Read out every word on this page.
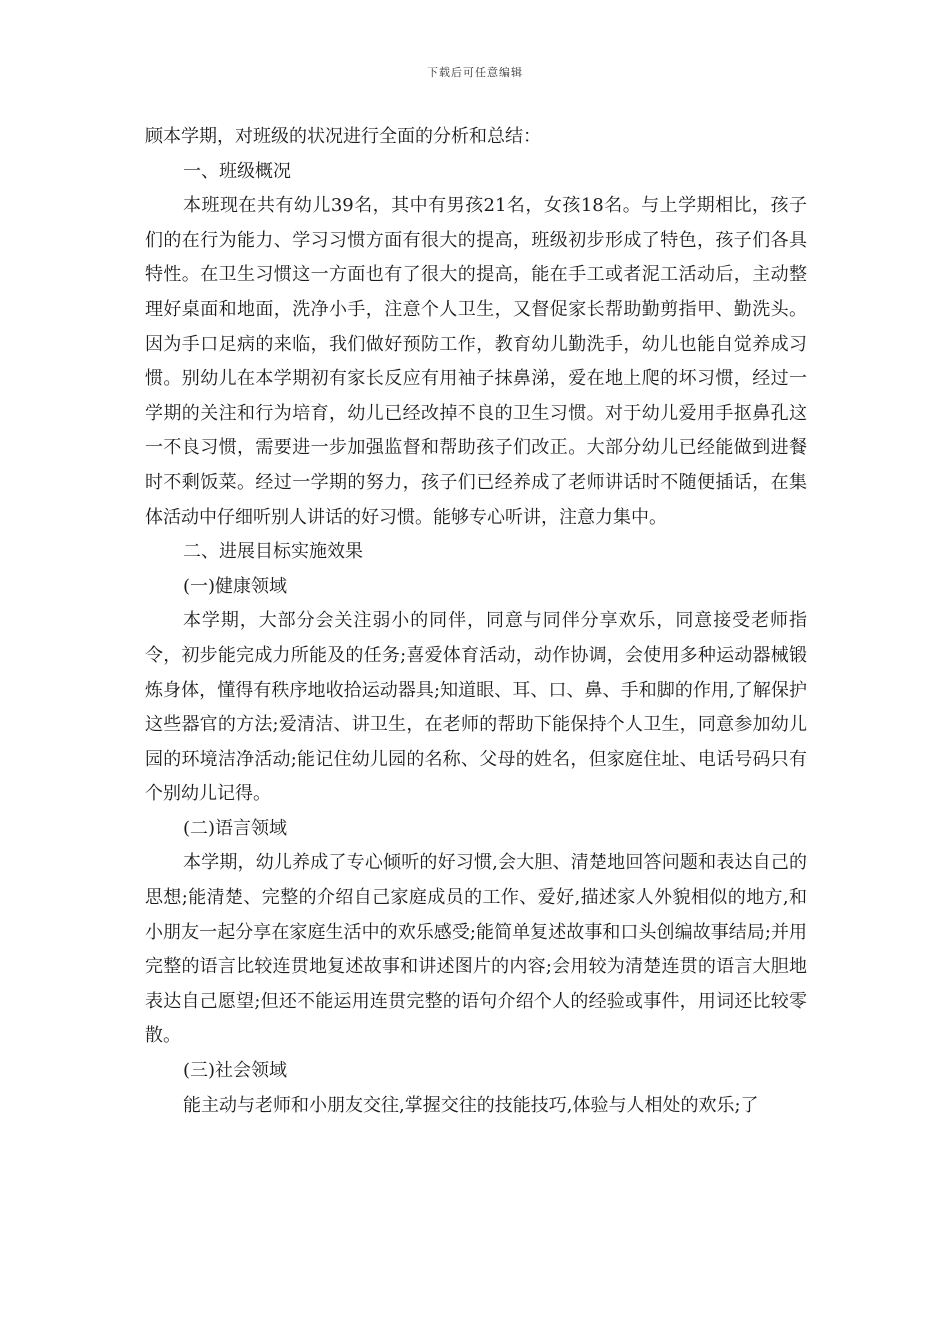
下载后可任意编辑

顾本学期，对班级的状况进行全面的分析和总结：

一、班级概况

本班现在共有幼儿39名，其中有男孩21名，女孩18名。与上学期相比，孩子们的在行为能力、学习习惯方面有很大的提高，班级初步形成了特色，孩子们各具特性。在卫生习惯这一方面也有了很大的提高，能在手工或者泥工活动后，主动整理好桌面和地面，洗净小手，注意个人卫生，又督促家长帮助勤剪指甲、勤洗头。因为手口足病的来临，我们做好预防工作，教育幼儿勤洗手，幼儿也能自觉养成习惯。别幼儿在本学期初有家长反应有用袖子抹鼻涕，爱在地上爬的坏习惯，经过一学期的关注和行为培育，幼儿已经改掉不良的卫生习惯。对于幼儿爱用手抠鼻孔这一不良习惯，需要进一步加强监督和帮助孩子们改正。大部分幼儿已经能做到进餐时不剩饭菜。经过一学期的努力，孩子们已经养成了老师讲话时不随便插话，在集体活动中仔细听别人讲话的好习惯。能够专心听讲，注意力集中。

二、进展目标实施效果

(一)健康领域

本学期，大部分会关注弱小的同伴，同意与同伴分享欢乐，同意接受老师指令，初步能完成力所能及的任务;喜爱体育活动，动作协调，会使用多种运动器械锻炼身体，懂得有秩序地收拾运动器具;知道眼、耳、口、鼻、手和脚的作用,了解保护这些器官的方法;爱清洁、讲卫生，在老师的帮助下能保持个人卫生，同意参加幼儿园的环境洁净活动;能记住幼儿园的名称、父母的姓名，但家庭住址、电话号码只有个别幼儿记得。

(二)语言领域

本学期，幼儿养成了专心倾听的好习惯,会大胆、清楚地回答问题和表达自己的思想;能清楚、完整的介绍自己家庭成员的工作、爱好,描述家人外貌相似的地方,和小朋友一起分享在家庭生活中的欢乐感受;能简单复述故事和口头创编故事结局;并用完整的语言比较连贯地复述故事和讲述图片的内容;会用较为清楚连贯的语言大胆地表达自己愿望;但还不能运用连贯完整的语句介绍个人的经验或事件，用词还比较零散。

(三)社会领域

能主动与老师和小朋友交往,掌握交往的技能技巧,体验与人相处的欢乐;了
